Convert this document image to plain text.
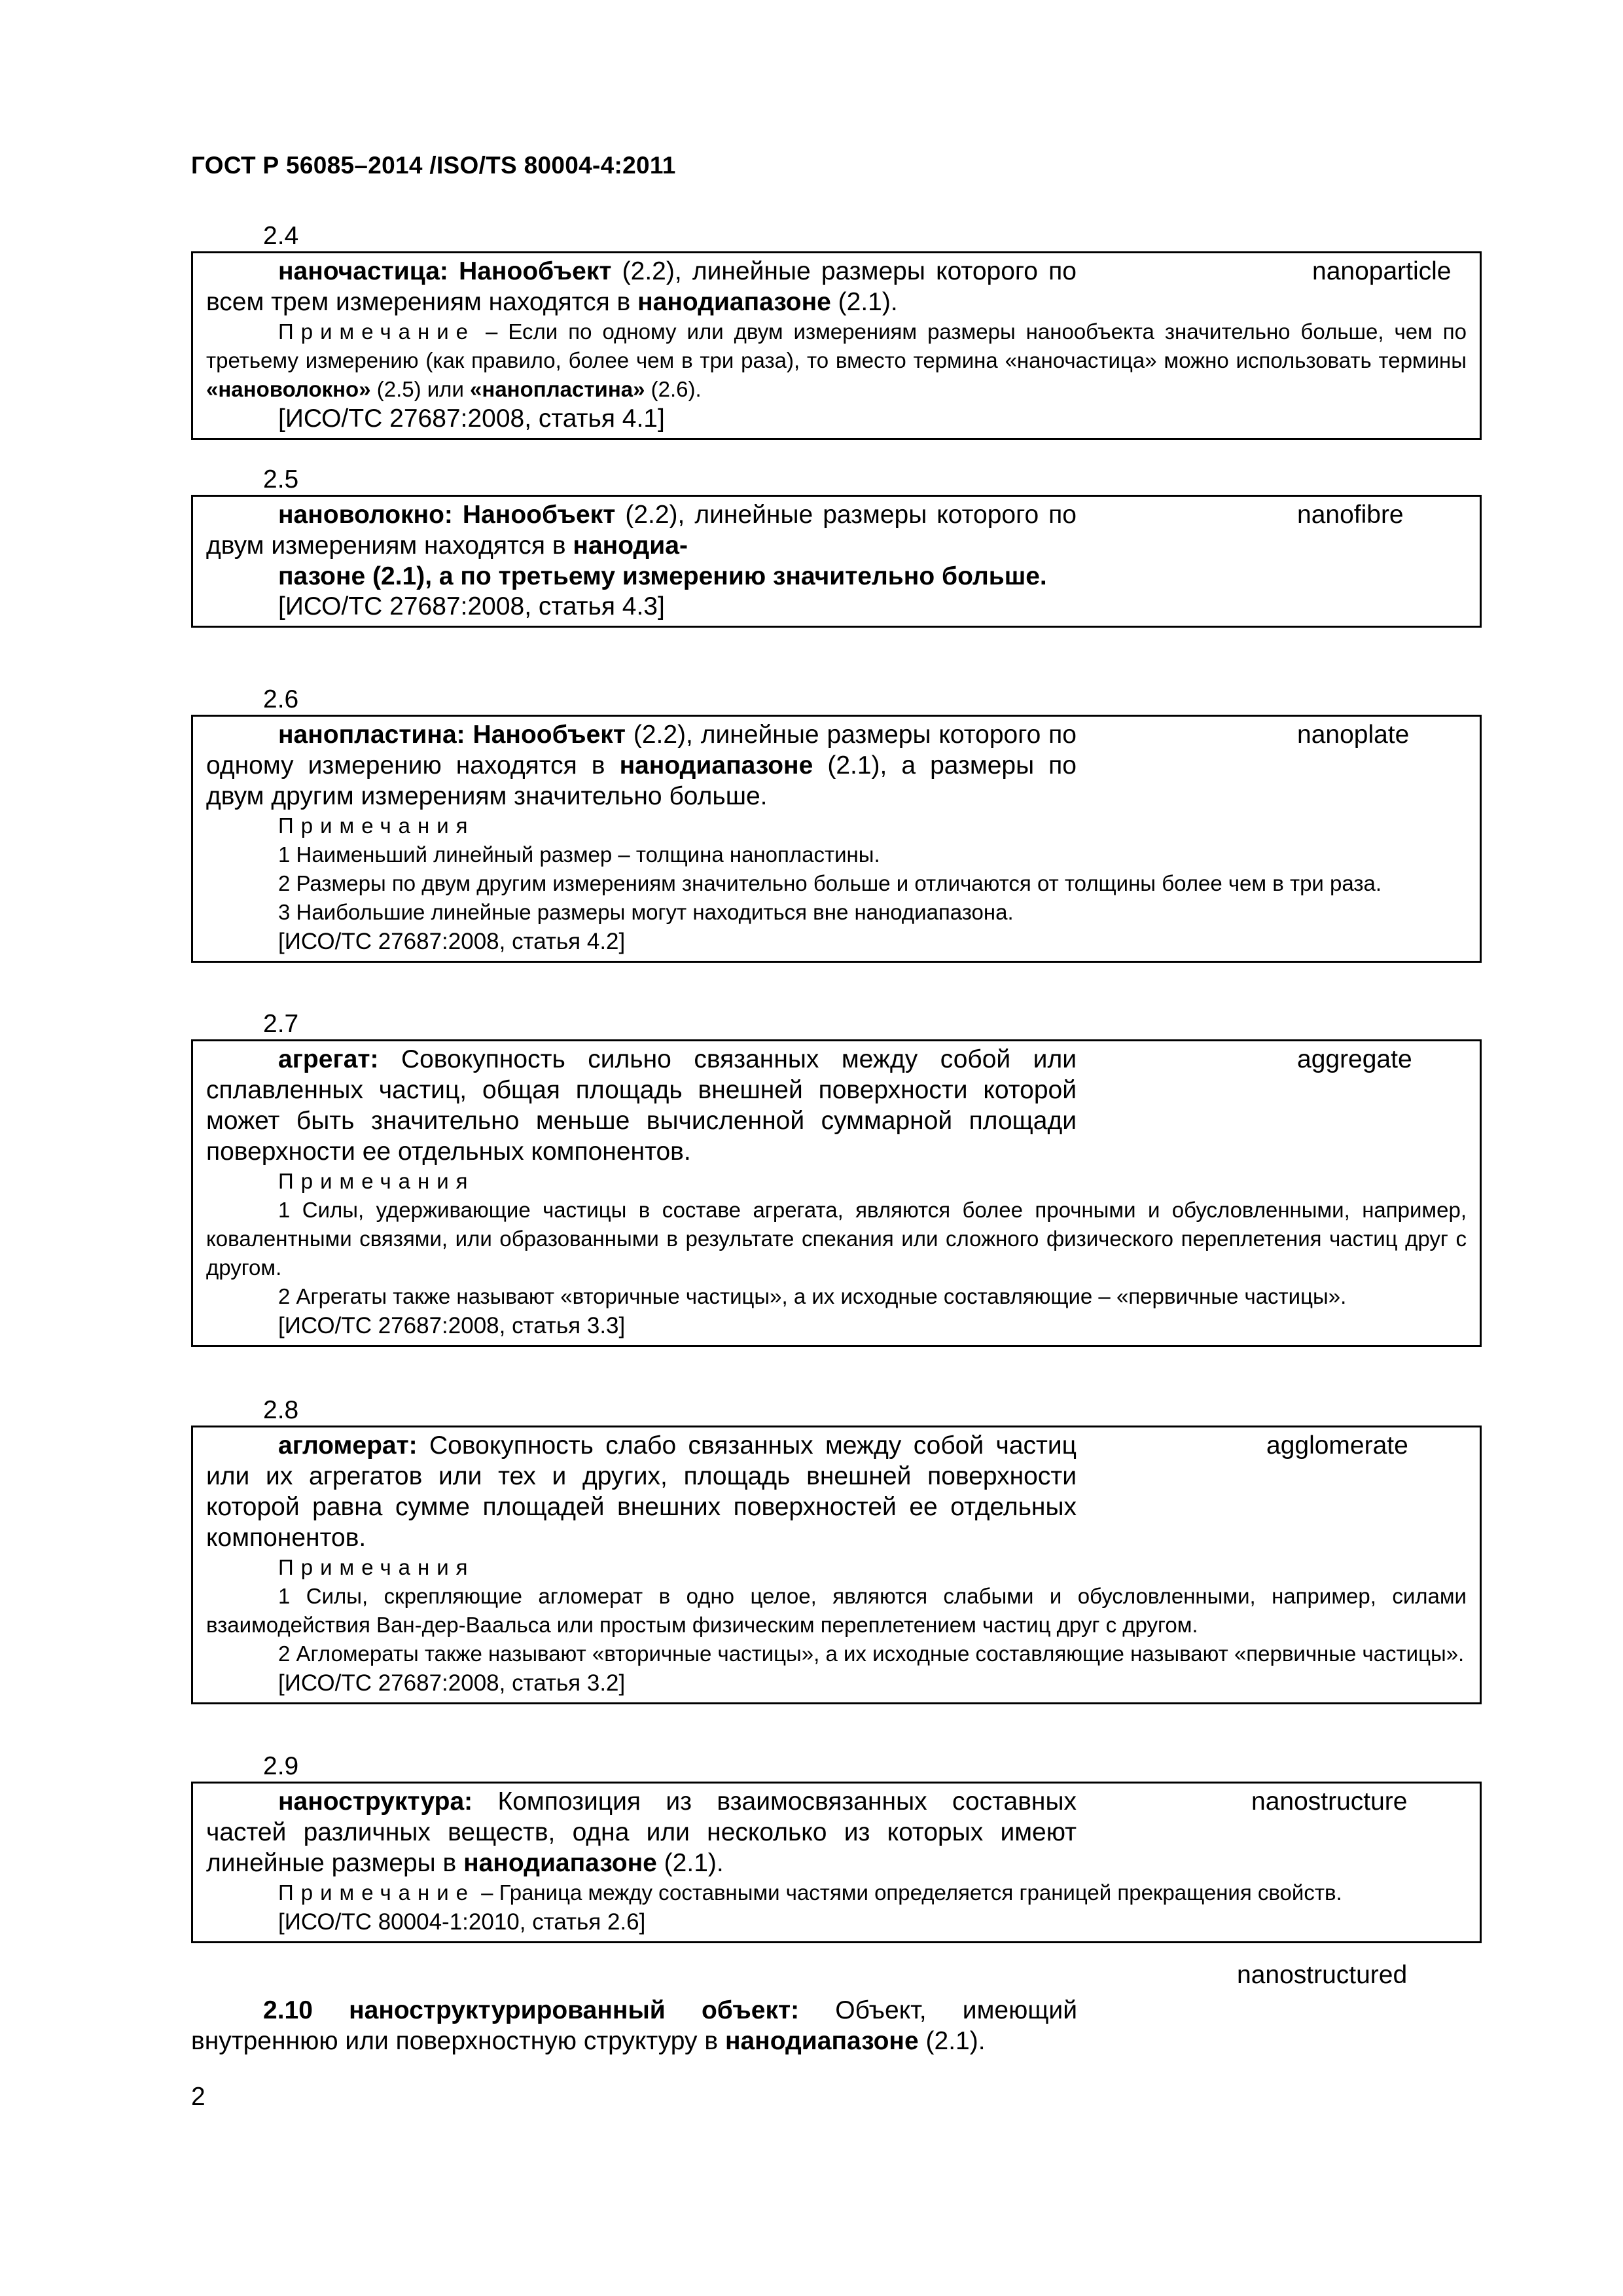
ГОСТ Р 56085–2014 /ISO/TS 80004-4:2011
2.4
nanoparticle
наночастица: Нанообъект (2.2), линейные размеры которого по всем трем измерениям находятся в нанодиапазоне (2.1).
Примечание – Если по одному или двум измерениям размеры нанообъекта значительно больше, чем по третьему измерению (как правило, более чем в три раза), то вместо термина «наночастица» можно использовать термины «нановолокно» (2.5) или «нанопластина» (2.6).
[ИСО/ТС 27687:2008, статья 4.1]
2.5
nanofibre
нановолокно: Нанообъект (2.2), линейные размеры которого по двум измерениям находятся в нанодиа-
пазоне (2.1), а по третьему измерению значительно больше.
[ИСО/ТС 27687:2008, статья 4.3]
2.6
nanoplate
нанопластина: Нанообъект (2.2), линейные размеры которого по одному измерению находятся в нанодиапазоне (2.1), а размеры по двум другим измерениям значительно больше.
Примечания
1 Наименьший линейный размер – толщина нанопластины.
2 Размеры по двум другим измерениям значительно больше и отличаются от толщины более чем в три раза.
3 Наибольшие линейные размеры могут находиться вне нанодиапазона.
[ИСО/ТС 27687:2008, статья 4.2]
2.7
aggregate
агрегат: Совокупность сильно связанных между собой или сплавленных частиц, общая площадь внешней поверхности которой может быть значительно меньше вычисленной суммарной площади поверхности ее отдельных компонентов.
Примечания
1 Силы, удерживающие частицы в составе агрегата, являются более прочными и обусловленными, например, ковалентными связями, или образованными в результате спекания или сложного физического переплетения частиц друг с другом.
2 Агрегаты также называют «вторичные частицы», а их исходные составляющие – «первичные частицы».
[ИСО/ТС 27687:2008, статья 3.3]
2.8
agglomerate
агломерат: Совокупность слабо связанных между собой частиц или их агрегатов или тех и других, площадь внешней поверхности которой равна сумме площадей внешних поверхностей ее отдельных компонентов.
Примечания
1 Силы, скрепляющие агломерат в одно целое, являются слабыми и обусловленными, например, силами взаимодействия Ван-дер-Ваальса или простым физическим переплетением частиц друг с другом.
2 Агломераты также называют «вторичные частицы», а их исходные составляющие называют «первичные частицы».
[ИСО/ТС 27687:2008, статья 3.2]
2.9
nanostructure
наноструктура: Композиция из взаимосвязанных составных частей различных веществ, одна или несколько из которых имеют линейные размеры в нанодиапазоне (2.1).
Примечание – Граница между составными частями определяется границей прекращения свойств.
[ИСО/ТС 80004-1:2010, статья 2.6]
nanostructured
2.10 наноструктурированный объект: Объект, имеющий внутреннюю или поверхностную структуру в нанодиапазоне (2.1).
2
